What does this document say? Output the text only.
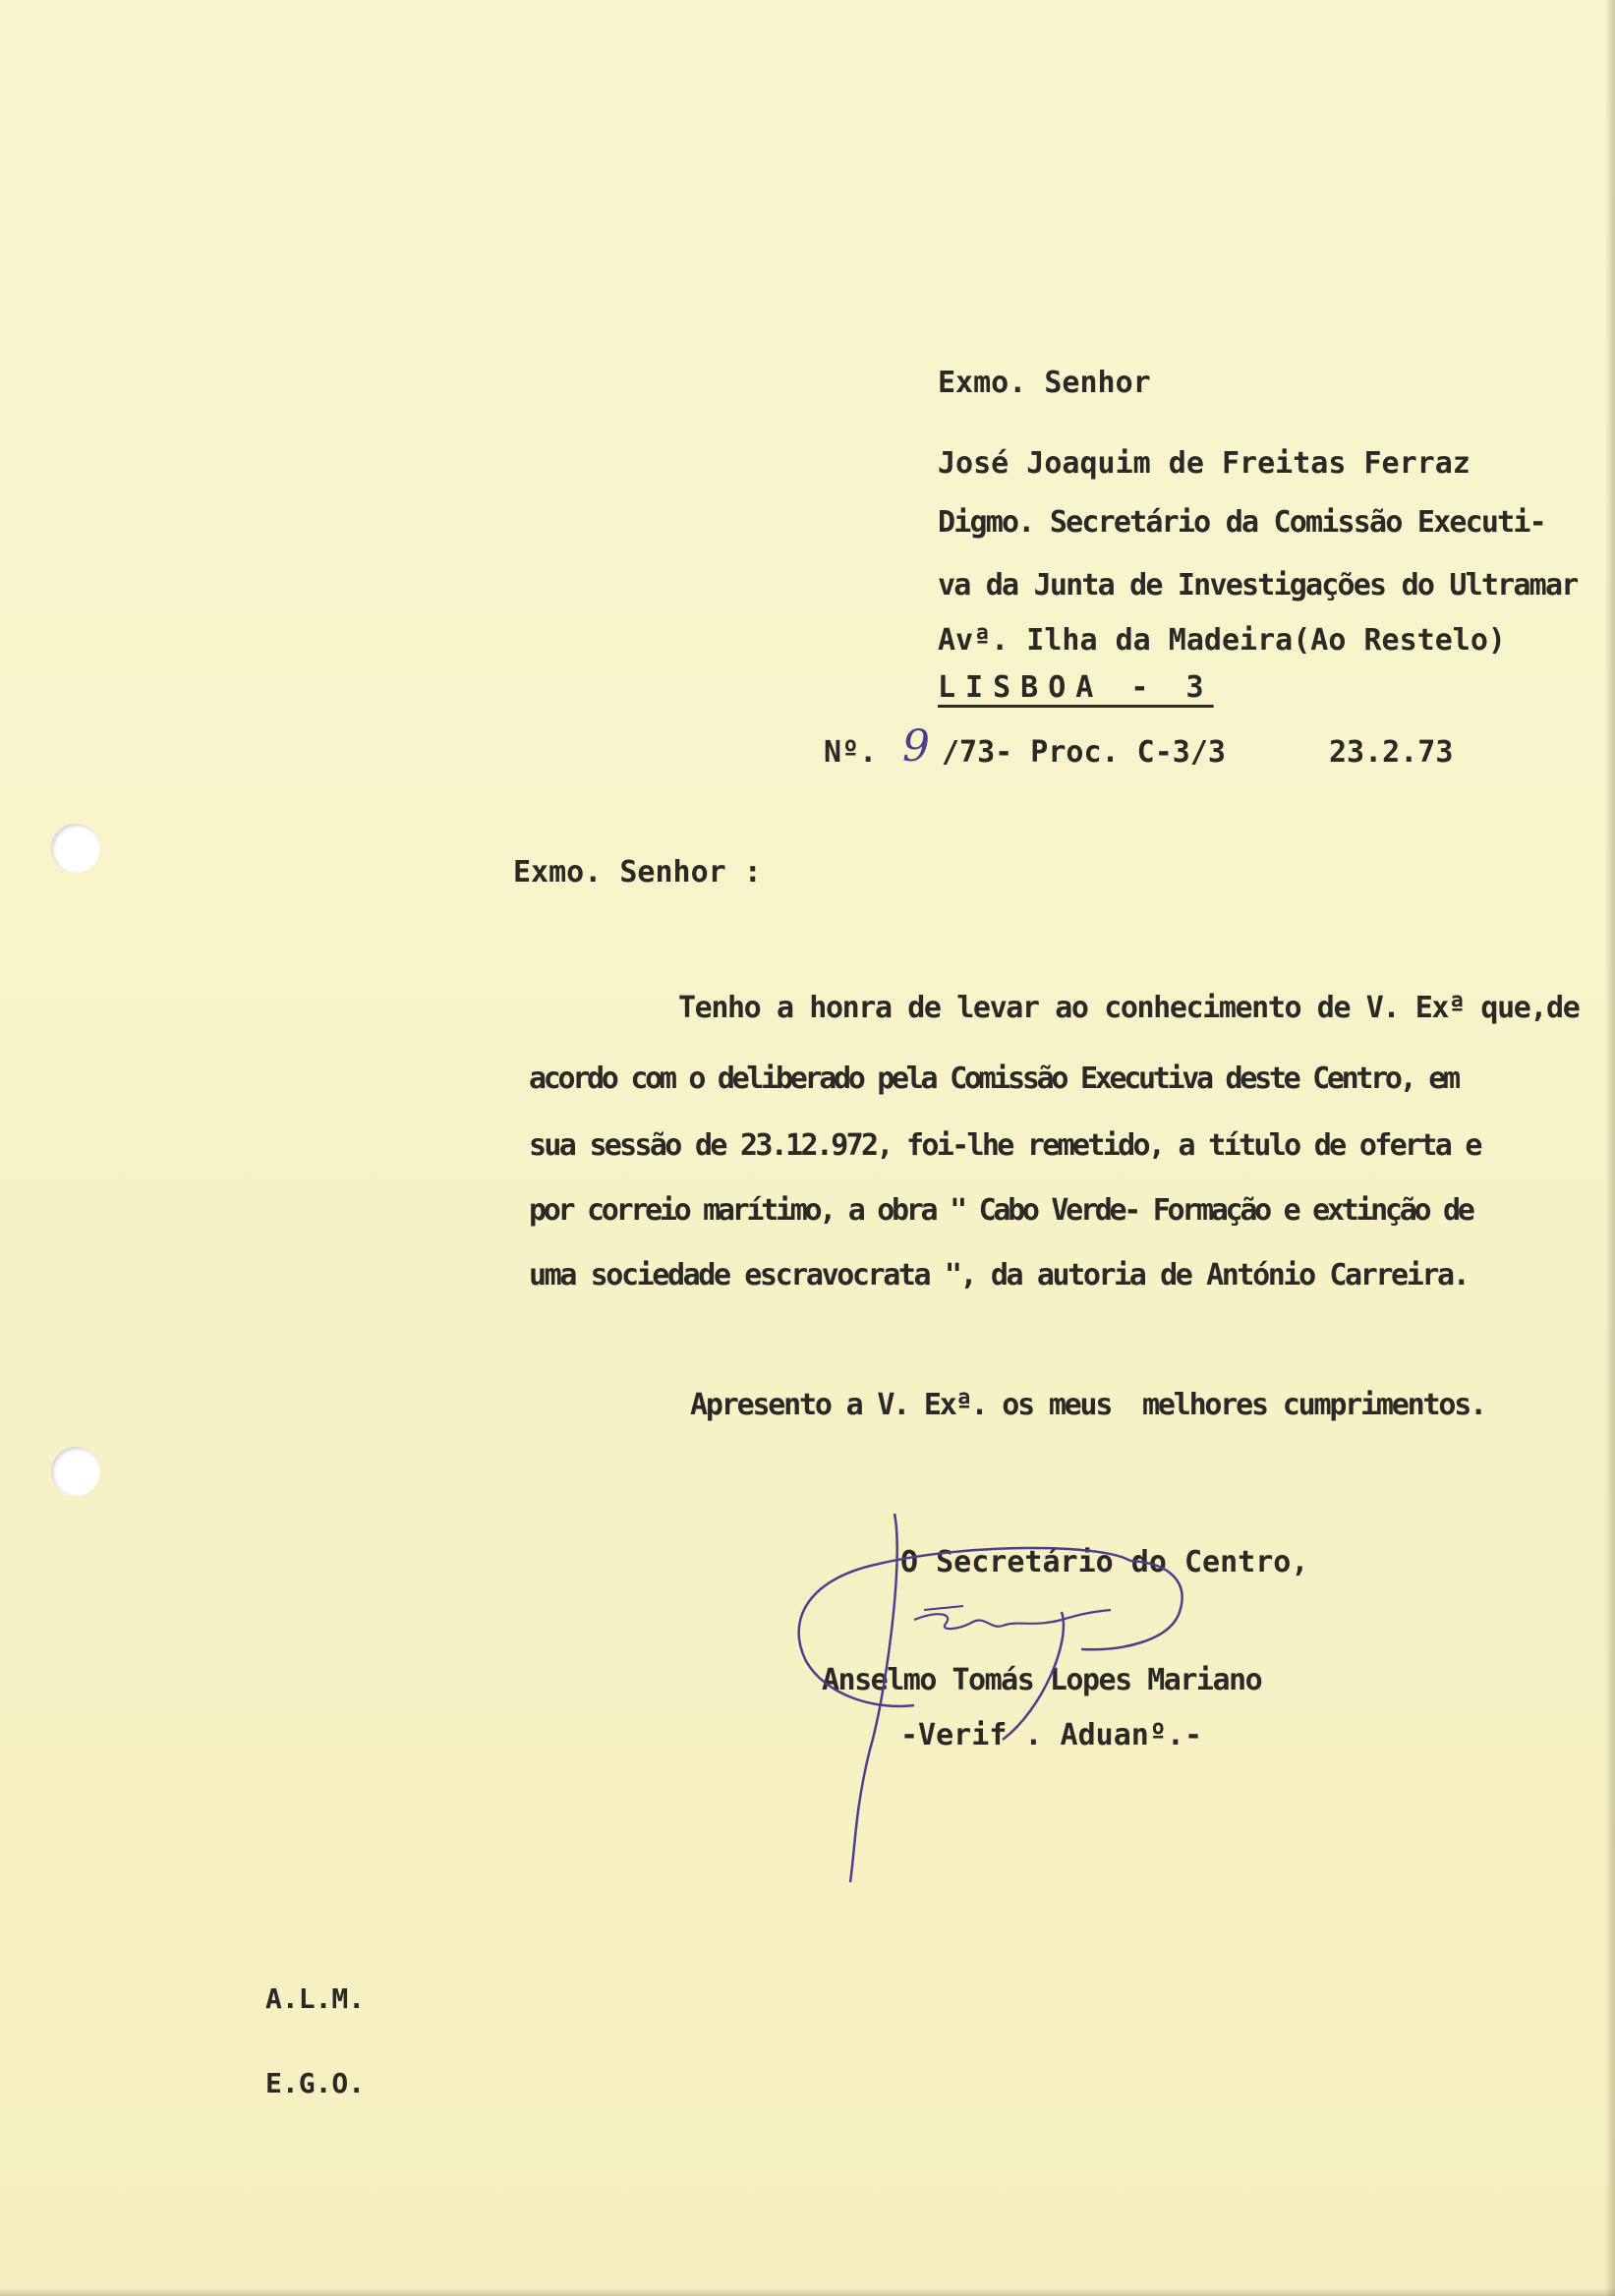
Exmo. Senhor
José Joaquim de Freitas Ferraz
Digmo. Secretário da Comissão Executi-
va da Junta de Investigações do Ultramar
Avª. Ilha da Madeira(Ao Restelo)
LISBOA - 3
Nº. 9 /73- Proc. C-3/3	23.2.73
Exmo. Senhor :
Tenho a honra de levar ao conhecimento de V. Exª que,de
acordo com o deliberado pela Comissão Executiva deste Centro, em
sua sessão de 23.12.972, foi-lhe remetido, a título de oferta e
por correio marítimo, a obra " Cabo Verde- Formação e extinção de
uma sociedade escravocrata ", da autoria de António Carreira.
Apresento a V. Exª. os meus  melhores cumprimentos.
O Secretário do Centro,
Anselmo Tomás Lopes Mariano
-Verif . Aduanº.-
A.L.M.
E.G.O.
